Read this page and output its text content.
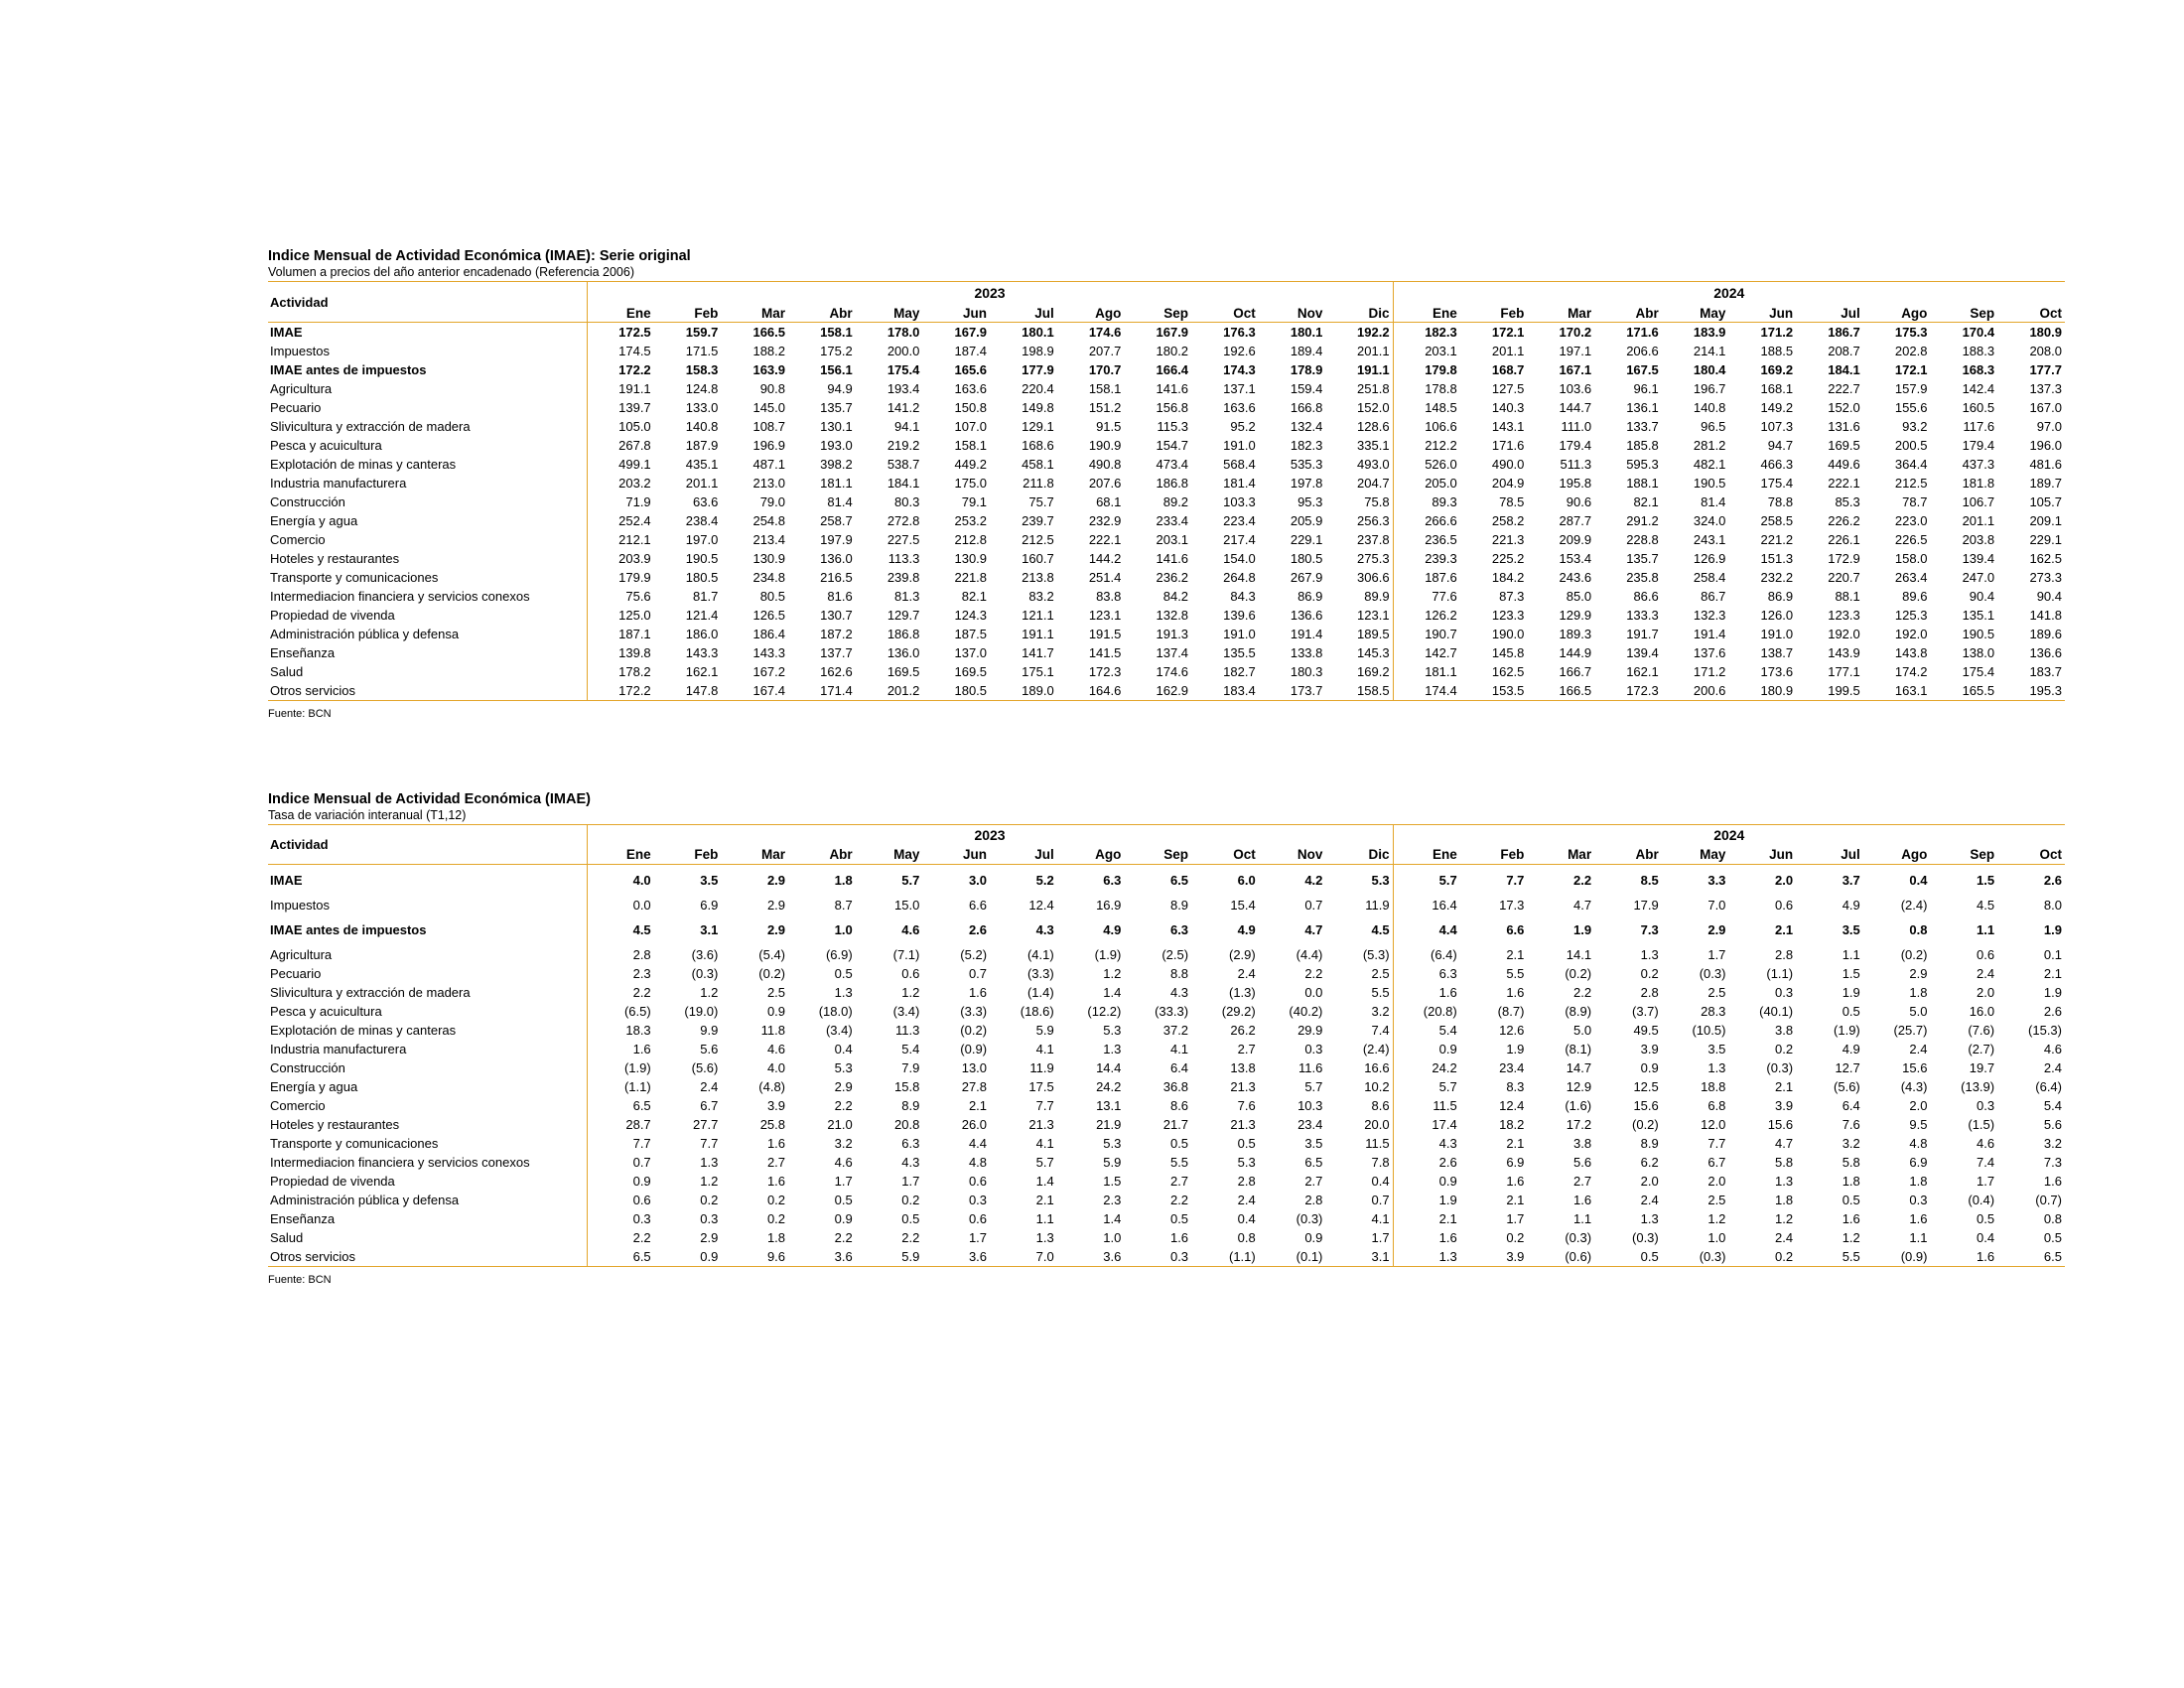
Indice Mensual de Actividad Económica (IMAE): Serie original
Volumen a precios del año anterior encadenado (Referencia 2006)
Actividad	2023												2024									
	Ene	Feb	Mar	Abr	May	Jun	Jul	Ago	Sep	Oct	Nov	Dic	Ene	Feb	Mar	Abr	May	Jun	Jul	Ago	Sep	Oct
IMAE	172.5	159.7	166.5	158.1	178.0	167.9	180.1	174.6	167.9	176.3	180.1	192.2	182.3	172.1	170.2	171.6	183.9	171.2	186.7	175.3	170.4	180.9
Impuestos	174.5	171.5	188.2	175.2	200.0	187.4	198.9	207.7	180.2	192.6	189.4	201.1	203.1	201.1	197.1	206.6	214.1	188.5	208.7	202.8	188.3	208.0
IMAE antes de impuestos	172.2	158.3	163.9	156.1	175.4	165.6	177.9	170.7	166.4	174.3	178.9	191.1	179.8	168.7	167.1	167.5	180.4	169.2	184.1	172.1	168.3	177.7
Agricultura	191.1	124.8	90.8	94.9	193.4	163.6	220.4	158.1	141.6	137.1	159.4	251.8	178.8	127.5	103.6	96.1	196.7	168.1	222.7	157.9	142.4	137.3
Pecuario	139.7	133.0	145.0	135.7	141.2	150.8	149.8	151.2	156.8	163.6	166.8	152.0	148.5	140.3	144.7	136.1	140.8	149.2	152.0	155.6	160.5	167.0
Slivicultura y extracción de madera	105.0	140.8	108.7	130.1	94.1	107.0	129.1	91.5	115.3	95.2	132.4	128.6	106.6	143.1	111.0	133.7	96.5	107.3	131.6	93.2	117.6	97.0
Pesca y acuicultura	267.8	187.9	196.9	193.0	219.2	158.1	168.6	190.9	154.7	191.0	182.3	335.1	212.2	171.6	179.4	185.8	281.2	94.7	169.5	200.5	179.4	196.0
Explotación de minas y canteras	499.1	435.1	487.1	398.2	538.7	449.2	458.1	490.8	473.4	568.4	535.3	493.0	526.0	490.0	511.3	595.3	482.1	466.3	449.6	364.4	437.3	481.6
Industria manufacturera	203.2	201.1	213.0	181.1	184.1	175.0	211.8	207.6	186.8	181.4	197.8	204.7	205.0	204.9	195.8	188.1	190.5	175.4	222.1	212.5	181.8	189.7
Construcción	71.9	63.6	79.0	81.4	80.3	79.1	75.7	68.1	89.2	103.3	95.3	75.8	89.3	78.5	90.6	82.1	81.4	78.8	85.3	78.7	106.7	105.7
Energía y agua	252.4	238.4	254.8	258.7	272.8	253.2	239.7	232.9	233.4	223.4	205.9	256.3	266.6	258.2	287.7	291.2	324.0	258.5	226.2	223.0	201.1	209.1
Comercio	212.1	197.0	213.4	197.9	227.5	212.8	212.5	222.1	203.1	217.4	229.1	237.8	236.5	221.3	209.9	228.8	243.1	221.2	226.1	226.5	203.8	229.1
Hoteles y restaurantes	203.9	190.5	130.9	136.0	113.3	130.9	160.7	144.2	141.6	154.0	180.5	275.3	239.3	225.2	153.4	135.7	126.9	151.3	172.9	158.0	139.4	162.5
Transporte y comunicaciones	179.9	180.5	234.8	216.5	239.8	221.8	213.8	251.4	236.2	264.8	267.9	306.6	187.6	184.2	243.6	235.8	258.4	232.2	220.7	263.4	247.0	273.3
Intermediacion financiera y servicios conexos	75.6	81.7	80.5	81.6	81.3	82.1	83.2	83.8	84.2	84.3	86.9	89.9	77.6	87.3	85.0	86.6	86.7	86.9	88.1	89.6	90.4	90.4
Propiedad de vivenda	125.0	121.4	126.5	130.7	129.7	124.3	121.1	123.1	132.8	139.6	136.6	123.1	126.2	123.3	129.9	133.3	132.3	126.0	123.3	125.3	135.1	141.8
Administración pública y defensa	187.1	186.0	186.4	187.2	186.8	187.5	191.1	191.5	191.3	191.0	191.4	189.5	190.7	190.0	189.3	191.7	191.4	191.0	192.0	192.0	190.5	189.6
Enseñanza	139.8	143.3	143.3	137.7	136.0	137.0	141.7	141.5	137.4	135.5	133.8	145.3	142.7	145.8	144.9	139.4	137.6	138.7	143.9	143.8	138.0	136.6
Salud	178.2	162.1	167.2	162.6	169.5	169.5	175.1	172.3	174.6	182.7	180.3	169.2	181.1	162.5	166.7	162.1	171.2	173.6	177.1	174.2	175.4	183.7
Otros servicios	172.2	147.8	167.4	171.4	201.2	180.5	189.0	164.6	162.9	183.4	173.7	158.5	174.4	153.5	166.5	172.3	200.6	180.9	199.5	163.1	165.5	195.3
Fuente: BCN
Indice Mensual de Actividad Económica (IMAE)
Tasa de variación interanual (T1,12)
Actividad	2023												2024									
	Ene	Feb	Mar	Abr	May	Jun	Jul	Ago	Sep	Oct	Nov	Dic	Ene	Feb	Mar	Abr	May	Jun	Jul	Ago	Sep	Oct
IMAE	4.0	3.5	2.9	1.8	5.7	3.0	5.2	6.3	6.5	6.0	4.2	5.3	5.7	7.7	2.2	8.5	3.3	2.0	3.7	0.4	1.5	2.6
Impuestos	0.0	6.9	2.9	8.7	15.0	6.6	12.4	16.9	8.9	15.4	0.7	11.9	16.4	17.3	4.7	17.9	7.0	0.6	4.9	(2.4)	4.5	8.0
IMAE antes de impuestos	4.5	3.1	2.9	1.0	4.6	2.6	4.3	4.9	6.3	4.9	4.7	4.5	4.4	6.6	1.9	7.3	2.9	2.1	3.5	0.8	1.1	1.9
Agricultura	2.8	(3.6)	(5.4)	(6.9)	(7.1)	(5.2)	(4.1)	(1.9)	(2.5)	(2.9)	(4.4)	(5.3)	(6.4)	2.1	14.1	1.3	1.7	2.8	1.1	(0.2)	0.6	0.1
Pecuario	2.3	(0.3)	(0.2)	0.5	0.6	0.7	(3.3)	1.2	8.8	2.4	2.2	2.5	6.3	5.5	(0.2)	0.2	(0.3)	(1.1)	1.5	2.9	2.4	2.1
Slivicultura y extracción de madera	2.2	1.2	2.5	1.3	1.2	1.6	(1.4)	1.4	4.3	(1.3)	0.0	5.5	1.6	1.6	2.2	2.8	2.5	0.3	1.9	1.8	2.0	1.9
Pesca y acuicultura	(6.5)	(19.0)	0.9	(18.0)	(3.4)	(3.3)	(18.6)	(12.2)	(33.3)	(29.2)	(40.2)	3.2	(20.8)	(8.7)	(8.9)	(3.7)	28.3	(40.1)	0.5	5.0	16.0	2.6
Explotación de minas y canteras	18.3	9.9	11.8	(3.4)	11.3	(0.2)	5.9	5.3	37.2	26.2	29.9	7.4	5.4	12.6	5.0	49.5	(10.5)	3.8	(1.9)	(25.7)	(7.6)	(15.3)
Industria manufacturera	1.6	5.6	4.6	0.4	5.4	(0.9)	4.1	1.3	4.1	2.7	0.3	(2.4)	0.9	1.9	(8.1)	3.9	3.5	0.2	4.9	2.4	(2.7)	4.6
Construcción	(1.9)	(5.6)	4.0	5.3	7.9	13.0	11.9	14.4	6.4	13.8	11.6	16.6	24.2	23.4	14.7	0.9	1.3	(0.3)	12.7	15.6	19.7	2.4
Energía y agua	(1.1)	2.4	(4.8)	2.9	15.8	27.8	17.5	24.2	36.8	21.3	5.7	10.2	5.7	8.3	12.9	12.5	18.8	2.1	(5.6)	(4.3)	(13.9)	(6.4)
Comercio	6.5	6.7	3.9	2.2	8.9	2.1	7.7	13.1	8.6	7.6	10.3	8.6	11.5	12.4	(1.6)	15.6	6.8	3.9	6.4	2.0	0.3	5.4
Hoteles y restaurantes	28.7	27.7	25.8	21.0	20.8	26.0	21.3	21.9	21.7	21.3	23.4	20.0	17.4	18.2	17.2	(0.2)	12.0	15.6	7.6	9.5	(1.5)	5.6
Transporte y comunicaciones	7.7	7.7	1.6	3.2	6.3	4.4	4.1	5.3	0.5	0.5	3.5	11.5	4.3	2.1	3.8	8.9	7.7	4.7	3.2	4.8	4.6	3.2
Intermediacion financiera y servicios conexos	0.7	1.3	2.7	4.6	4.3	4.8	5.7	5.9	5.5	5.3	6.5	7.8	2.6	6.9	5.6	6.2	6.7	5.8	5.8	6.9	7.4	7.3
Propiedad de vivenda	0.9	1.2	1.6	1.7	1.7	0.6	1.4	1.5	2.7	2.8	2.7	0.4	0.9	1.6	2.7	2.0	2.0	1.3	1.8	1.8	1.7	1.6
Administración pública y defensa	0.6	0.2	0.2	0.5	0.2	0.3	2.1	2.3	2.2	2.4	2.8	0.7	1.9	2.1	1.6	2.4	2.5	1.8	0.5	0.3	(0.4)	(0.7)
Enseñanza	0.3	0.3	0.2	0.9	0.5	0.6	1.1	1.4	0.5	0.4	(0.3)	4.1	2.1	1.7	1.1	1.3	1.2	1.2	1.6	1.6	0.5	0.8
Salud	2.2	2.9	1.8	2.2	2.2	1.7	1.3	1.0	1.6	0.8	0.9	1.7	1.6	0.2	(0.3)	(0.3)	1.0	2.4	1.2	1.1	0.4	0.5
Otros servicios	6.5	0.9	9.6	3.6	5.9	3.6	7.0	3.6	0.3	(1.1)	(0.1)	3.1	1.3	3.9	(0.6)	0.5	(0.3)	0.2	5.5	(0.9)	1.6	6.5
Fuente: BCN
